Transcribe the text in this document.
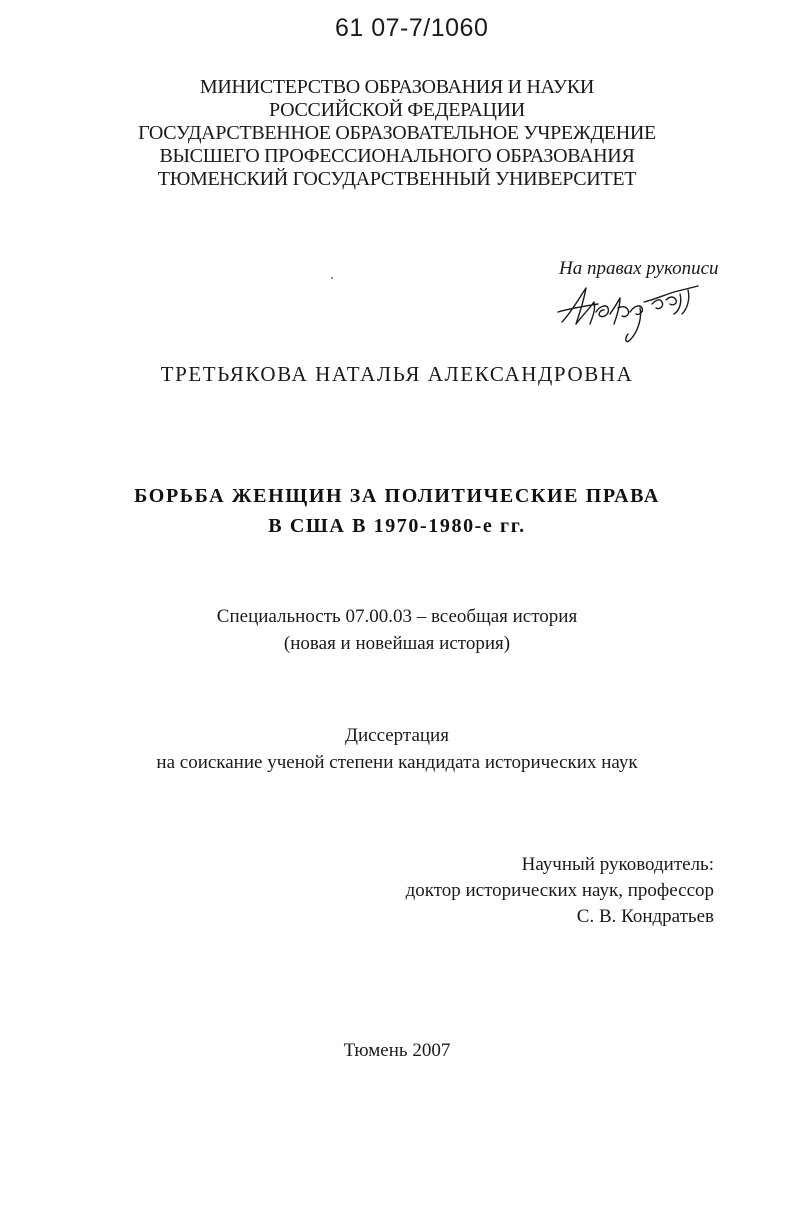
61 07-7/1060
МИНИСТЕРСТВО ОБРАЗОВАНИЯ И НАУКИ
РОССИЙСКОЙ ФЕДЕРАЦИИ
ГОСУДАРСТВЕННОЕ ОБРАЗОВАТЕЛЬНОЕ УЧРЕЖДЕНИЕ
ВЫСШЕГО ПРОФЕССИОНАЛЬНОГО ОБРАЗОВАНИЯ
ТЮМЕНСКИЙ ГОСУДАРСТВЕННЫЙ УНИВЕРСИТЕТ
На правах рукописи
ТРЕТЬЯКОВА НАТАЛЬЯ АЛЕКСАНДРОВНА
БОРЬБА ЖЕНЩИН ЗА ПОЛИТИЧЕСКИЕ ПРАВА
В США В 1970-1980-е гг.
Специальность 07.00.03 – всеобщая история
(новая и новейшая история)
Диссертация
на соискание ученой степени кандидата исторических наук
Научный руководитель:
доктор исторических наук, профессор
С. В. Кондратьев
Тюмень 2007
